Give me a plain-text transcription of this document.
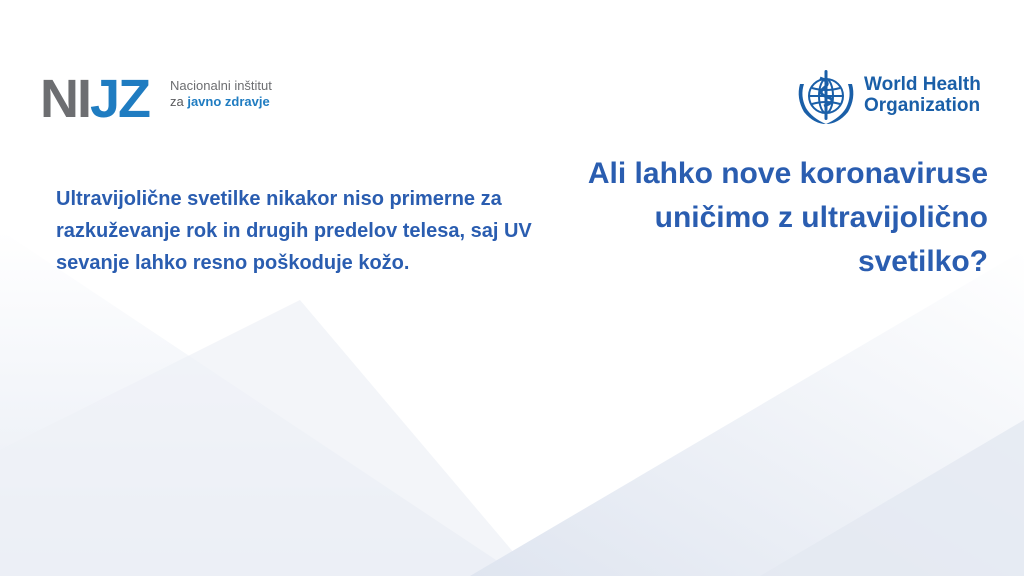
NIJZ Nacionalni inštitut
za javno zdravje
World Health
Organization
Ultravijolične svetilke nikakor niso primerne za razkuževanje rok in drugih predelov telesa, saj UV sevanje lahko resno poškoduje kožo.
Ali lahko nove koronaviruse uničimo z ultravijolično svetilko?
